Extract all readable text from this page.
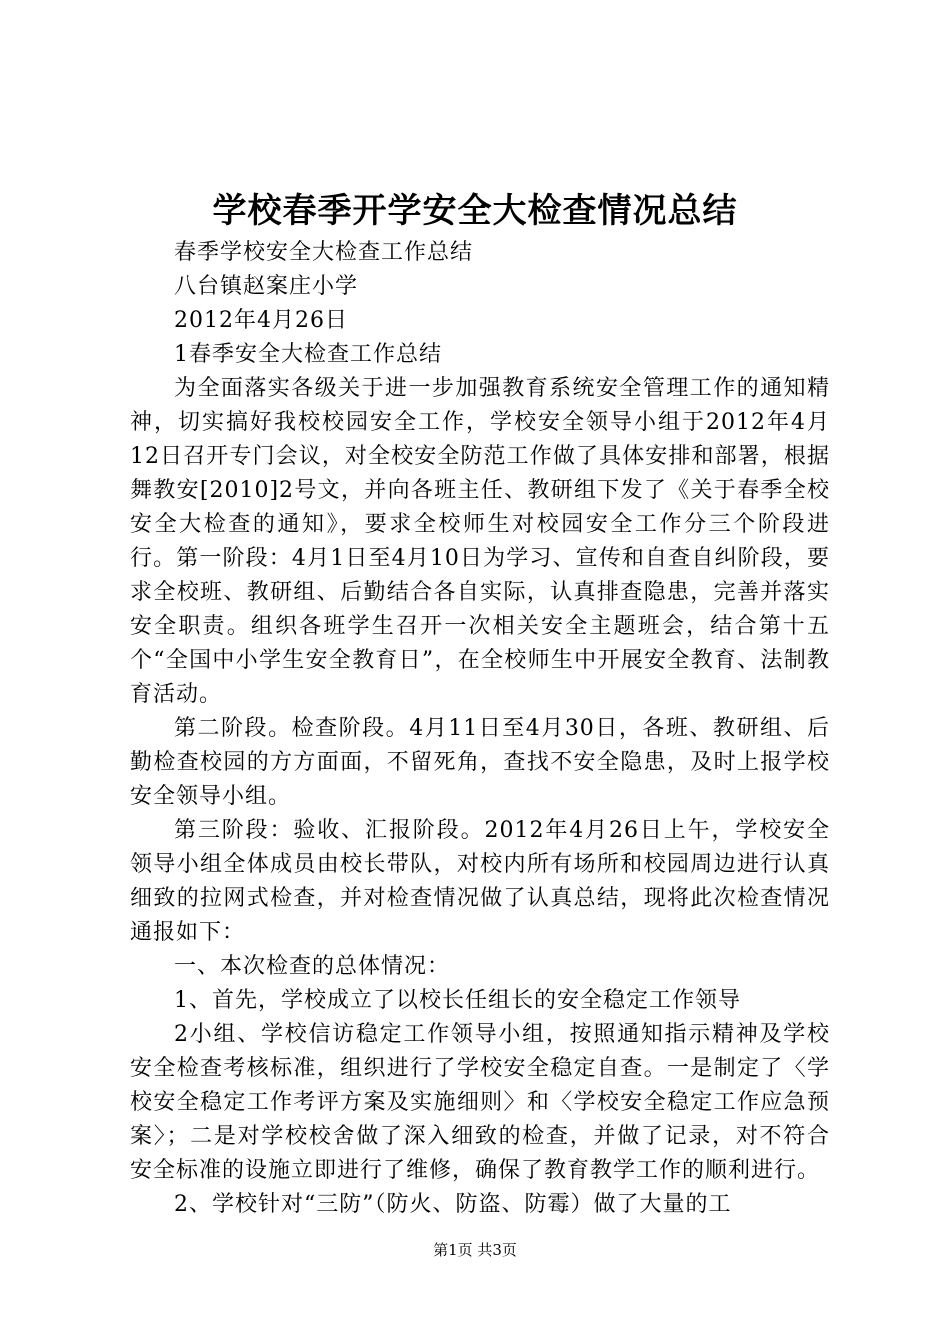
学校春季开学安全大检查情况总结

春季学校安全大检查工作总结

八台镇赵案庄小学

2012年4月26日

1春季安全大检查工作总结

为全面落实各级关于进一步加强教育系统安全管理工作的通知精神，切实搞好我校校园安全工作，学校安全领导小组于2012年4月12日召开专门会议，对全校安全防范工作做了具体安排和部署，根据舞教安[2010]2号文，并向各班主任、教研组下发了《关于春季全校安全大检查的通知》，要求全校师生对校园安全工作分三个阶段进行。第一阶段：4月1日至4月10日为学习、宣传和自查自纠阶段，要求全校班、教研组、后勤结合各自实际，认真排查隐患，完善并落实安全职责。组织各班学生召开一次相关安全主题班会，结合第十五个“全国中小学生安全教育日”，在全校师生中开展安全教育、法制教育活动。

第二阶段。检查阶段。4月11日至4月30日，各班、教研组、后勤检查校园的方方面面，不留死角，查找不安全隐患，及时上报学校安全领导小组。

第三阶段：验收、汇报阶段。2012年4月26日上午，学校安全领导小组全体成员由校长带队，对校内所有场所和校园周边进行认真细致的拉网式检查，并对检查情况做了认真总结，现将此次检查情况通报如下：

一、本次检查的总体情况：

1、首先，学校成立了以校长任组长的安全稳定工作领导

2小组、学校信访稳定工作领导小组，按照通知指示精神及学校安全检查考核标准，组织进行了学校安全稳定自查。一是制定了〈学校安全稳定工作考评方案及实施细则〉和〈学校安全稳定工作应急预案〉；二是对学校校舍做了深入细致的检查，并做了记录，对不符合安全标准的设施立即进行了维修，确保了教育教学工作的顺利进行。

2、学校针对“三防”（防火、防盗、防霉）做了大量的工

第1页 共3页
